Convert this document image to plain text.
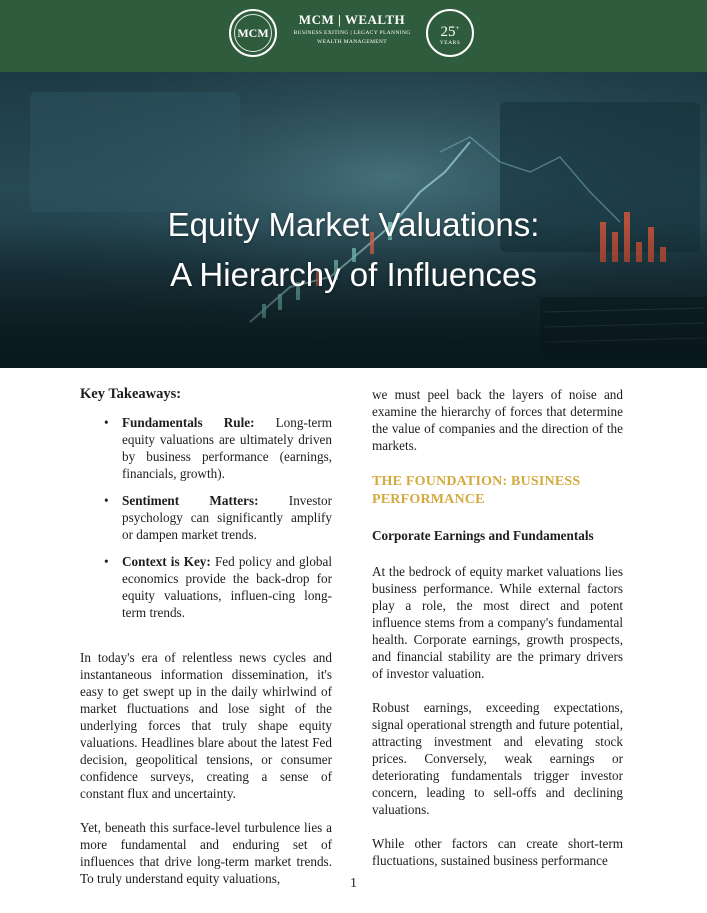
MCM
MCM | WEALTH
BUSINESS EXITING | LEGACY PLANNING
WEALTH MANAGEMENT
25+
YEARS
Equity Market Valuations:
A Hierarchy of Influences
Key Takeaways:
• Fundamentals Rule: Long-term equity valuations are ultimately driven by business performance (earnings, financials, growth).
• Sentiment Matters: Investor psychology can significantly amplify or dampen market trends.
• Context is Key: Fed policy and global economics provide the back-drop for equity valuations, influen-cing long-term trends.

In today's era of relentless news cycles and instantaneous information dissemination, it's easy to get swept up in the daily whirlwind of market fluctuations and lose sight of the underlying forces that truly shape equity valuations. Headlines blare about the latest Fed decision, geopolitical tensions, or consumer confidence surveys, creating a sense of constant flux and uncertainty.

Yet, beneath this surface-level turbulence lies a more fundamental and enduring set of influences that drive long-term market trends. To truly understand equity valuations,

we must peel back the layers of noise and examine the hierarchy of forces that determine the value of companies and the direction of the markets.

THE FOUNDATION: BUSINESS PERFORMANCE
Corporate Earnings and Fundamentals

At the bedrock of equity market valuations lies business performance. While external factors play a role, the most direct and potent influence stems from a company's fundamental health. Corporate earnings, growth prospects, and financial stability are the primary drivers of investor valuation.

Robust earnings, exceeding expectations, signal operational strength and future potential, attracting investment and elevating stock prices. Conversely, weak earnings or deteriorating fundamentals trigger investor concern, leading to sell-offs and declining valuations.

While other factors can create short-term fluctuations, sustained business performance

1
